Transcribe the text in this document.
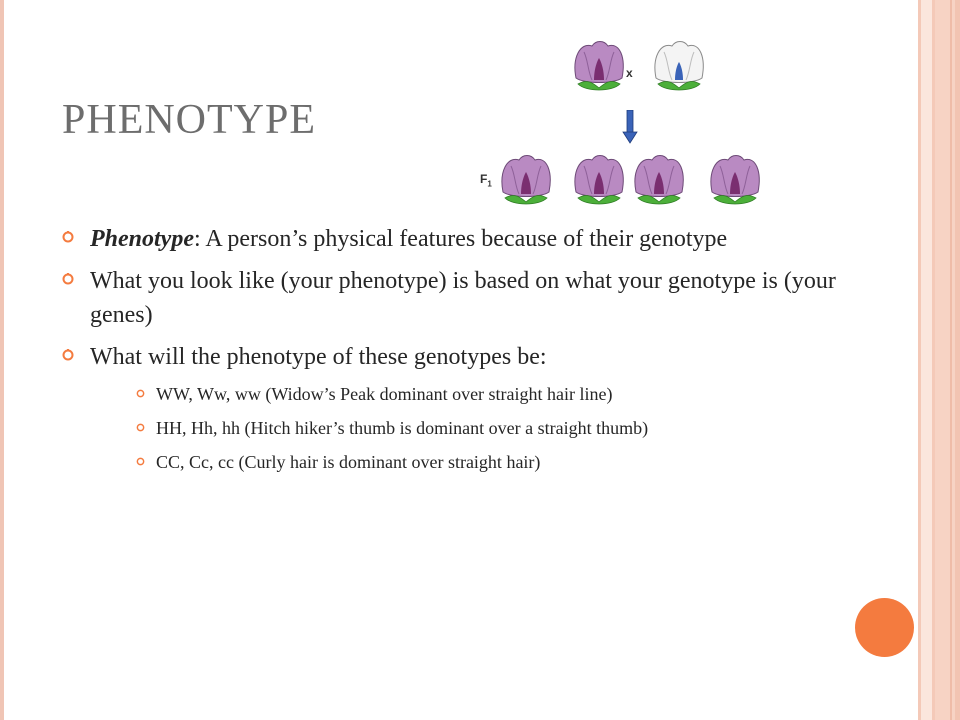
x
$F_1$
PHENOTYPE
Phenotype: A person’s physical features because of their genotype
What you look like (your phenotype) is based on what your genotype is (your genes)
What will the phenotype of these genotypes be:
WW, Ww, ww (Widow’s Peak dominant over straight hair line)
HH, Hh, hh (Hitch hiker’s thumb is dominant over a straight thumb)
CC, Cc, cc (Curly hair is dominant over straight hair)
